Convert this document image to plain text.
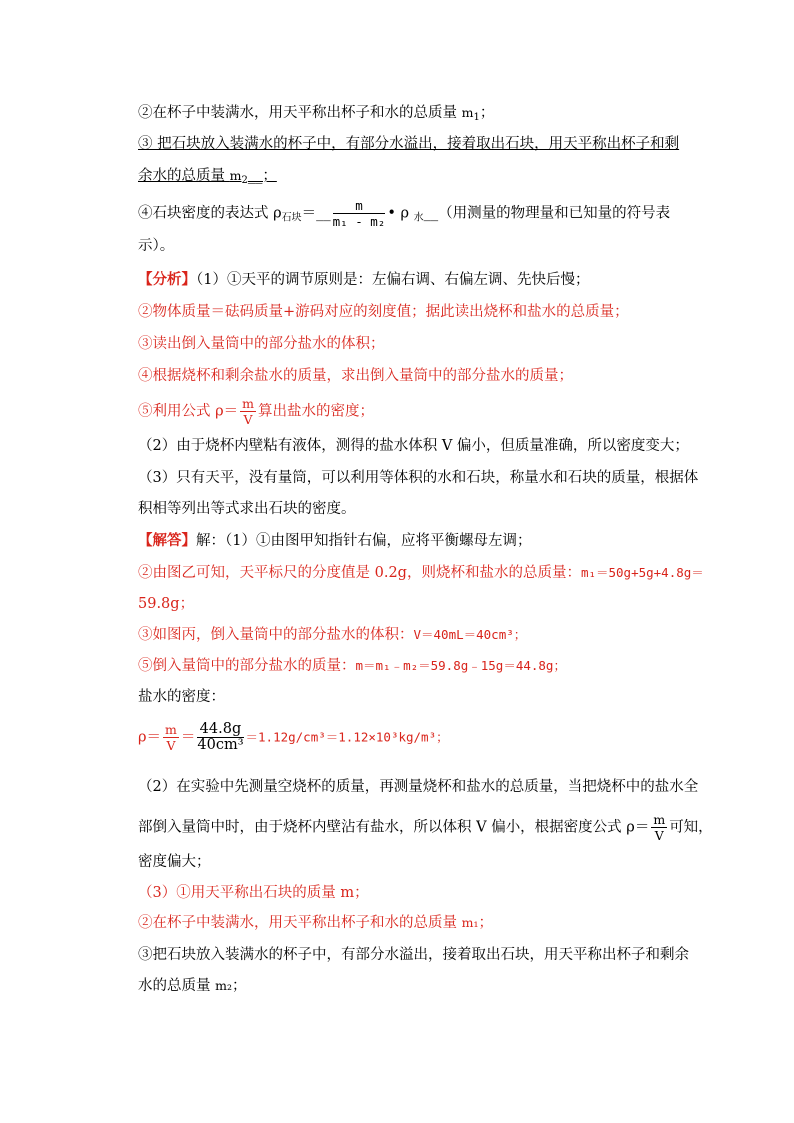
②在杯子中装满水，用天平称出杯子和水的总质量 $m_1$；
③ 把石块放入装满水的杯子中，有部分水溢出，接着取出石块，用天平称出杯子和剩
余水的总质量 $m_2\_\_$；
④石块密度的表达式 $\rho_{石块}=\_\_ \frac{m}{\text{m₁ - m₂}}$ • ρ $_水$__（用测量的物理量和已知量的符号表
示）。
【分析】（1）①天平的调节原则是：左偏右调、右偏左调、先快后慢；
②物体质量＝砝码质量+游码对应的刻度值；据此读出烧杯和盐水的总质量；
③读出倒入量筒中的部分盐水的体积；
④根据烧杯和剩余盐水的质量，求出倒入量筒中的部分盐水的质量；
⑤利用公式 $\rho= \frac{m}{V}$ 算出盐水的密度；
（2）由于烧杯内壁粘有液体，测得的盐水体积 V 偏小，但质量准确，所以密度变大；
（3）只有天平，没有量筒，可以利用等体积的水和石块，称量水和石块的质量，根据体
积相等列出等式求出石块的密度。
【解答】解：（1）①由图甲知指针右偏，应将平衡螺母左调；
②由图乙可知，天平标尺的分度值是 0.2g，则烧杯和盐水的总质量：m₁＝50g+5g+4.8g＝
59.8g；
③如图丙，倒入量筒中的部分盐水的体积：V＝40mL＝40cm³；
⑤倒入量筒中的部分盐水的质量：m＝m₁﹣m₂＝59.8g﹣15g＝44.8g；
盐水的密度：
$\rho= \frac{m}{V} = \frac{44.8g}{\text{40cm³}} =1.12g/cm^3=1.12\times 10^3kg/m^3$；
（2）在实验中先测量空烧杯的质量，再测量烧杯和盐水的总质量，当把烧杯中的盐水全
部倒入量筒中时，由于烧杯内壁沾有盐水，所以体积 V 偏小，根据密度公式 $\rho= \frac{m}{V}$ 可知，
密度偏大；
（3）①用天平称出石块的质量 m；
②在杯子中装满水，用天平称出杯子和水的总质量 m₁；
③把石块放入装满水的杯子中，有部分水溢出，接着取出石块，用天平称出杯子和剩余
水的总质量 m₂；
